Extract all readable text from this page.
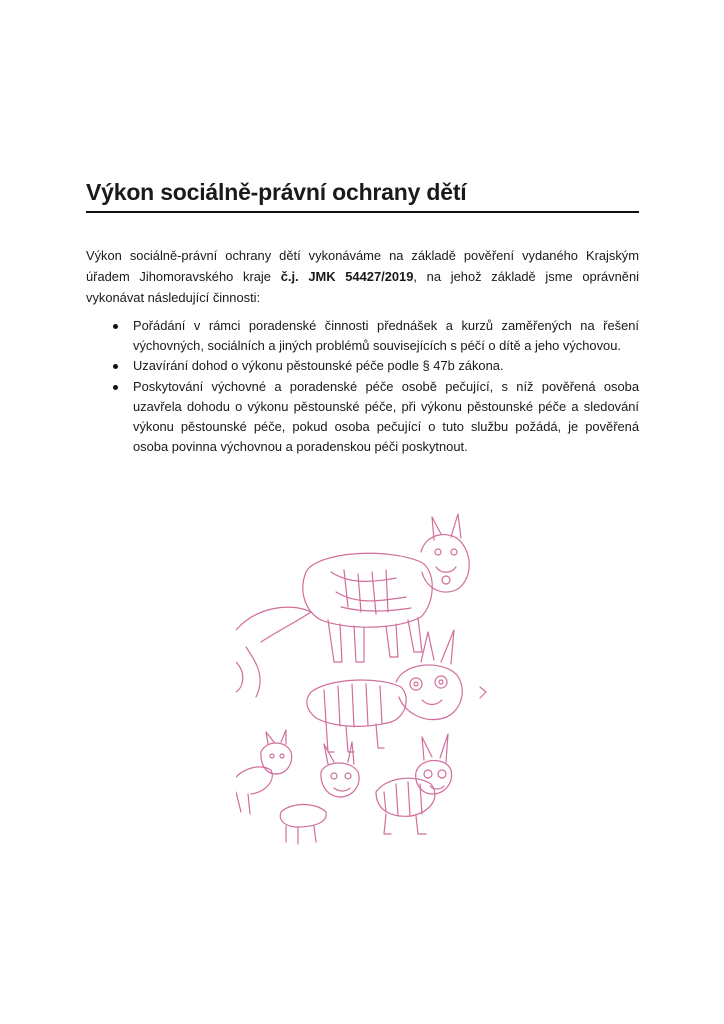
Výkon sociálně-právní ochrany dětí

Výkon sociálně-právní ochrany dětí vykonáváme na základě pověření vydaného Krajským úřadem Jihomoravského kraje č.j. JMK 54427/2019, na jehož základě jsme oprávněni vykonávat následující činnosti:

Pořádání v rámci poradenské činnosti přednášek a kurzů zaměřených na řešení výchovných, sociálních a jiných problémů souvisejících s péčí o dítě a jeho výchovou.
Uzavírání dohod o výkonu pěstounské péče podle § 47b zákona.
Poskytování výchovné a poradenské péče osobě pečující, s níž pověřená osoba uzavřela dohodu o výkonu pěstounské péče, při výkonu pěstounské péče a sledování výkonu pěstounské péče, pokud osoba pečující o tuto službu požádá, je pověřená osoba povinna výchovnou a poradenskou péči poskytnout.
